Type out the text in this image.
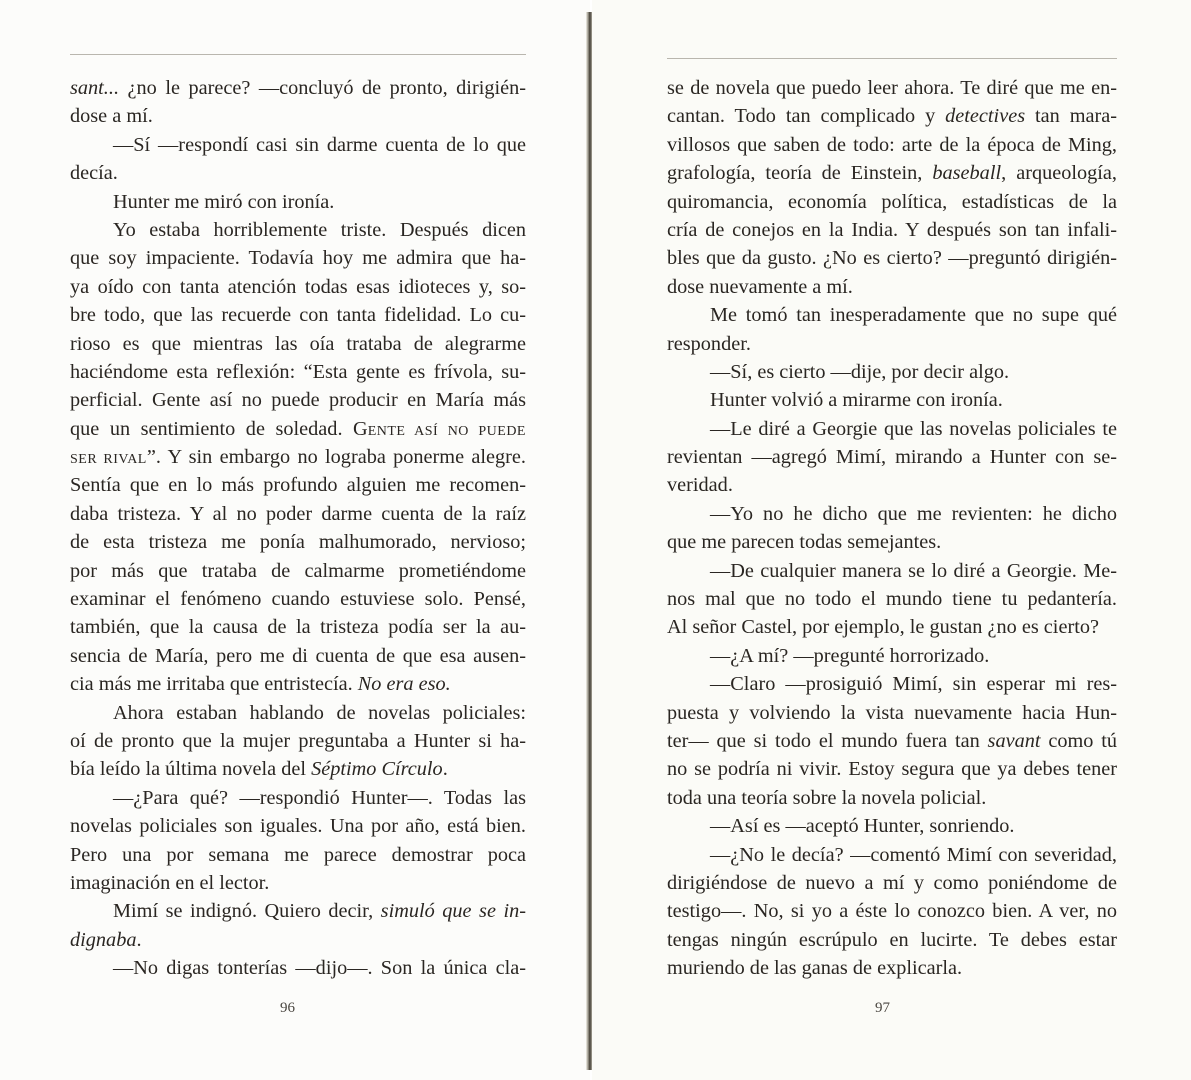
sant... ¿no le parece? —concluyó de pronto, dirigién-
dose a mí.
—Sí —respondí casi sin darme cuenta de lo que
decía.
Hunter me miró con ironía.
Yo estaba horriblemente triste. Después dicen
que soy impaciente. Todavía hoy me admira que ha-
ya oído con tanta atención todas esas idioteces y, so-
bre todo, que las recuerde con tanta fidelidad. Lo cu-
rioso es que mientras las oía trataba de alegrarme
haciéndome esta reflexión: “Esta gente es frívola, su-
perficial. Gente así no puede producir en María más
que un sentimiento de soledad. GENTE ASÍ NO PUEDE
SER RIVAL”. Y sin embargo no lograba ponerme alegre.
Sentía que en lo más profundo alguien me recomen-
daba tristeza. Y al no poder darme cuenta de la raíz
de esta tristeza me ponía malhumorado, nervioso;
por más que trataba de calmarme prometiéndome
examinar el fenómeno cuando estuviese solo. Pensé,
también, que la causa de la tristeza podía ser la au-
sencia de María, pero me di cuenta de que esa ausen-
cia más me irritaba que entristecía. No era eso.
Ahora estaban hablando de novelas policiales:
oí de pronto que la mujer preguntaba a Hunter si ha-
bía leído la última novela del Séptimo Círculo.
—¿Para qué? —respondió Hunter—. Todas las
novelas policiales son iguales. Una por año, está bien.
Pero una por semana me parece demostrar poca
imaginación en el lector.
Mimí se indignó. Quiero decir, simuló que se in-
dignaba.
—No digas tonterías —dijo—. Son la única cla-
96
se de novela que puedo leer ahora. Te diré que me en-
cantan. Todo tan complicado y detectives tan mara-
villosos que saben de todo: arte de la época de Ming,
grafología, teoría de Einstein, baseball, arqueología,
quiromancia, economía política, estadísticas de la
cría de conejos en la India. Y después son tan infali-
bles que da gusto. ¿No es cierto? —preguntó dirigién-
dose nuevamente a mí.
Me tomó tan inesperadamente que no supe qué
responder.
—Sí, es cierto —dije, por decir algo.
Hunter volvió a mirarme con ironía.
—Le diré a Georgie que las novelas policiales te
revientan —agregó Mimí, mirando a Hunter con se-
veridad.
—Yo no he dicho que me revienten: he dicho
que me parecen todas semejantes.
—De cualquier manera se lo diré a Georgie. Me-
nos mal que no todo el mundo tiene tu pedantería.
Al señor Castel, por ejemplo, le gustan ¿no es cierto?
—¿A mí? —pregunté horrorizado.
—Claro —prosiguió Mimí, sin esperar mi res-
puesta y volviendo la vista nuevamente hacia Hun-
ter— que si todo el mundo fuera tan savant como tú
no se podría ni vivir. Estoy segura que ya debes tener
toda una teoría sobre la novela policial.
—Así es —aceptó Hunter, sonriendo.
—¿No le decía? —comentó Mimí con severidad,
dirigiéndose de nuevo a mí y como poniéndome de
testigo—. No, si yo a éste lo conozco bien. A ver, no
tengas ningún escrúpulo en lucirte. Te debes estar
muriendo de las ganas de explicarla.
97
